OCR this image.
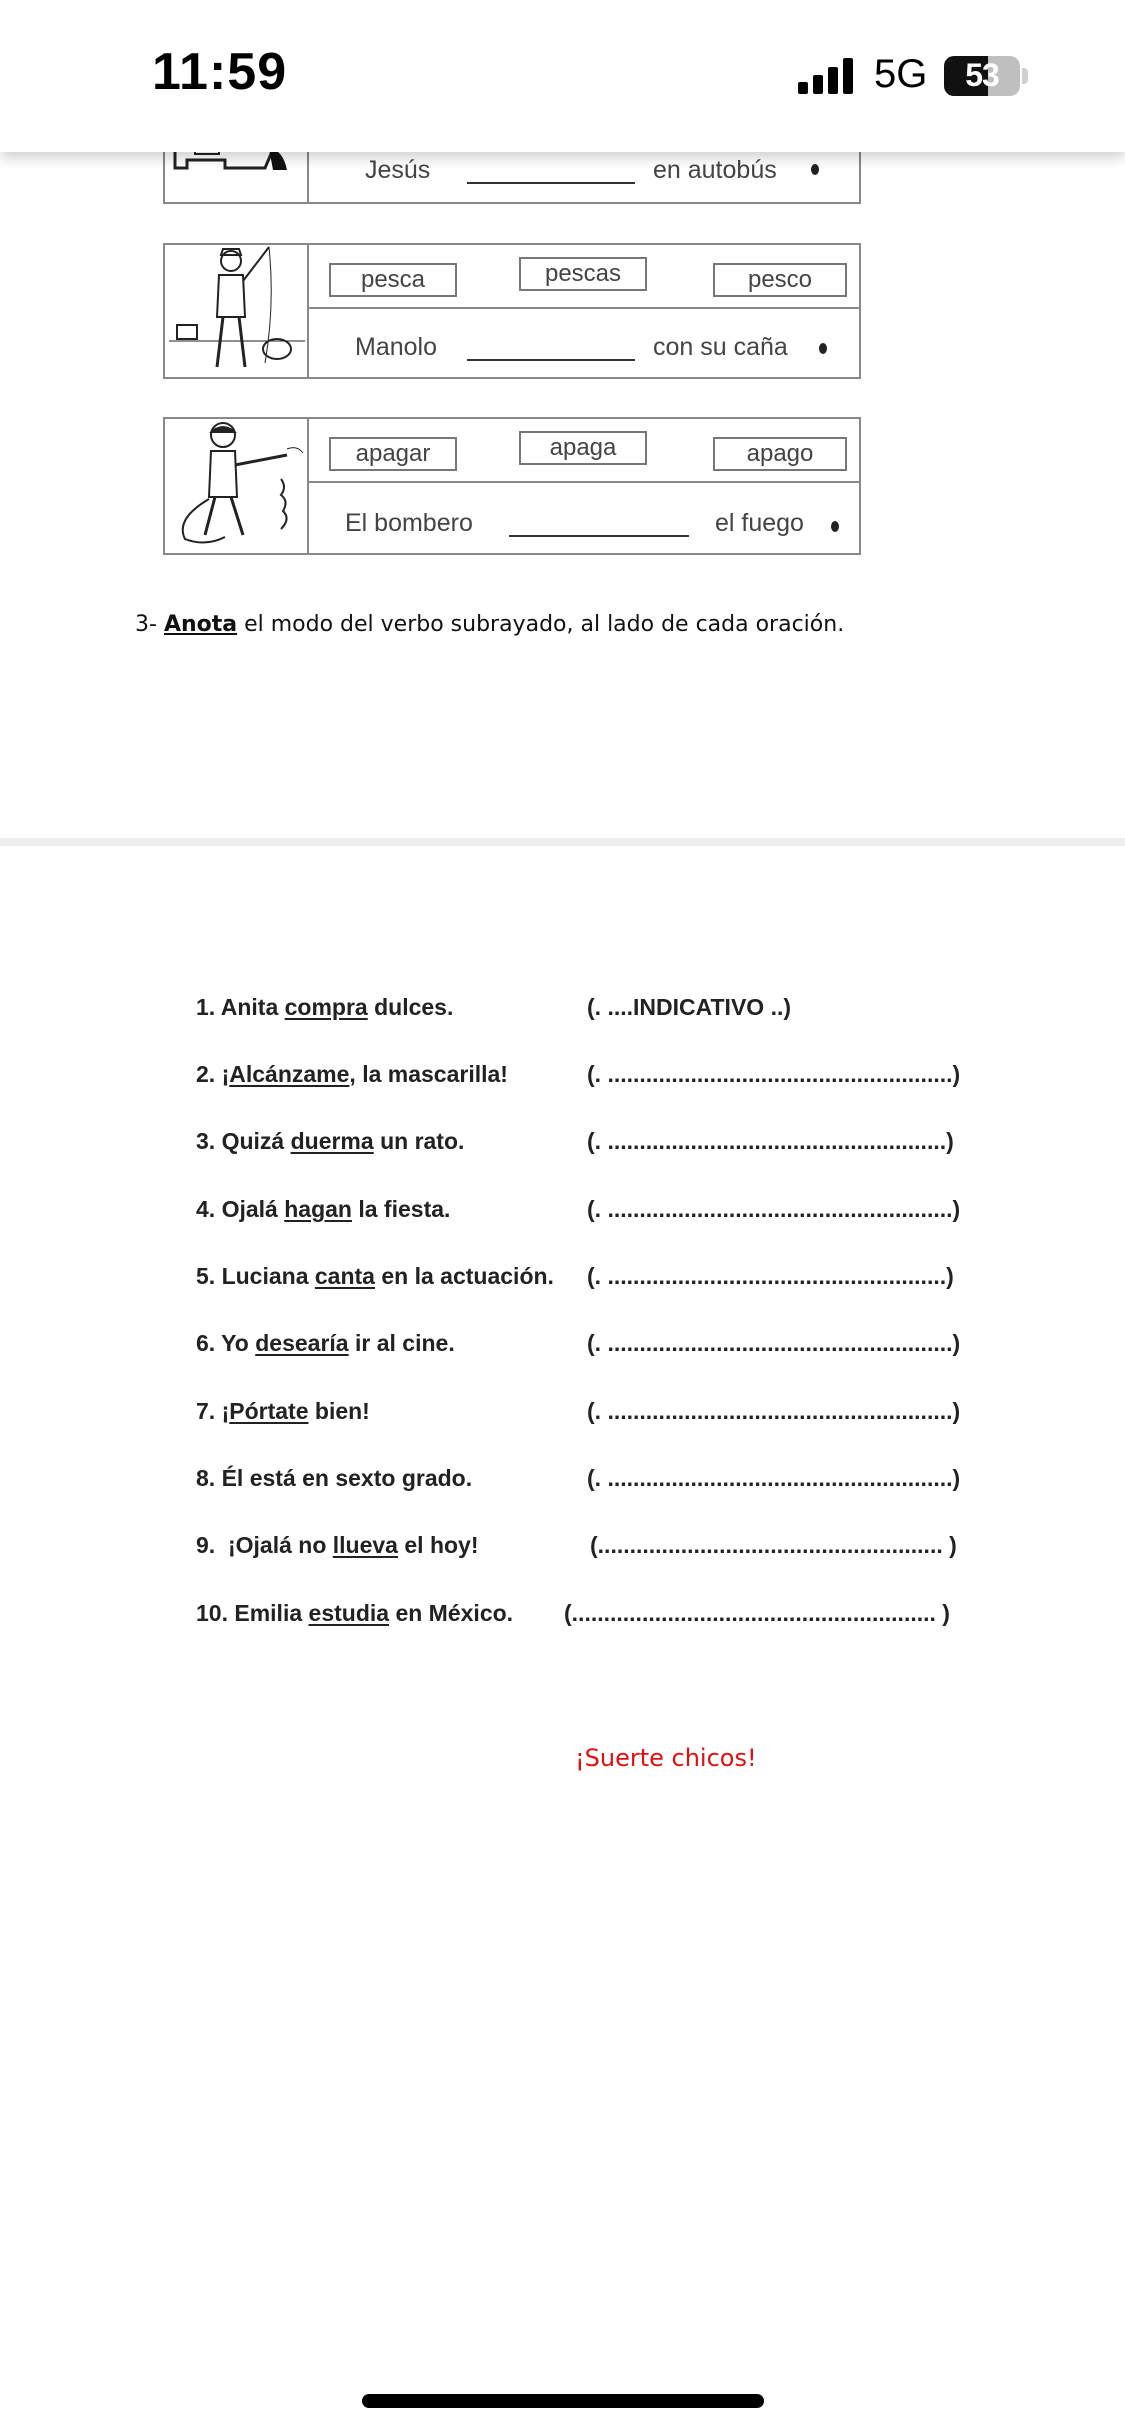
11:59	5G	53
Jesús	en autobús
pesca	pescas	pesco
Manolo	con su caña
apagar	apaga	apago
El bombero	el fuego
3- Anota el modo del verbo subrayado, al lado de cada oración.
1. Anita compra dulces.	(. ....INDICATIVO ..)
2. ¡Alcánzame, la mascarilla!	(. ......................................................)
3. Quizá duerma un rato.	(. .....................................................)
4. Ojalá hagan la fiesta.	(. ......................................................)
5. Luciana canta en la actuación. (. .....................................................)
6. Yo desearía ir al cine.	(. ......................................................)
7. ¡Pórtate bien!	(. ......................................................)
8. Él está en sexto grado.	(. ......................................................)
9.  ¡Ojalá no llueva el hoy!	(...................................................... )
10. Emilia estudia en México. (......................................................... )
¡Suerte chicos!
